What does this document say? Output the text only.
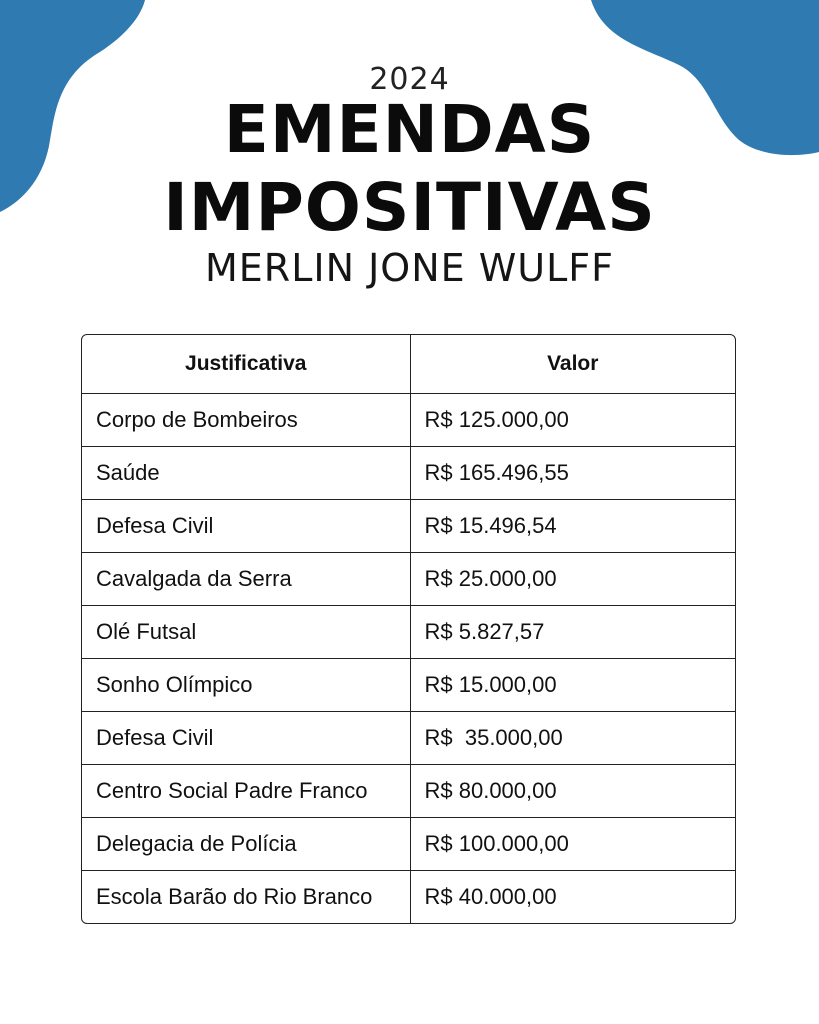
2024
EMENDAS
IMPOSITIVAS
MERLIN JONE WULFF
Justificativa	Valor
Corpo de Bombeiros	R$ 125.000,00
Saúde	R$ 165.496,55
Defesa Civil	R$ 15.496,54
Cavalgada da Serra	R$ 25.000,00
Olé Futsal	R$ 5.827,57
Sonho Olímpico	R$ 15.000,00
Defesa Civil	R$  35.000,00
Centro Social Padre Franco	R$ 80.000,00
Delegacia de Polícia	R$ 100.000,00
Escola Barão do Rio Branco	R$ 40.000,00
